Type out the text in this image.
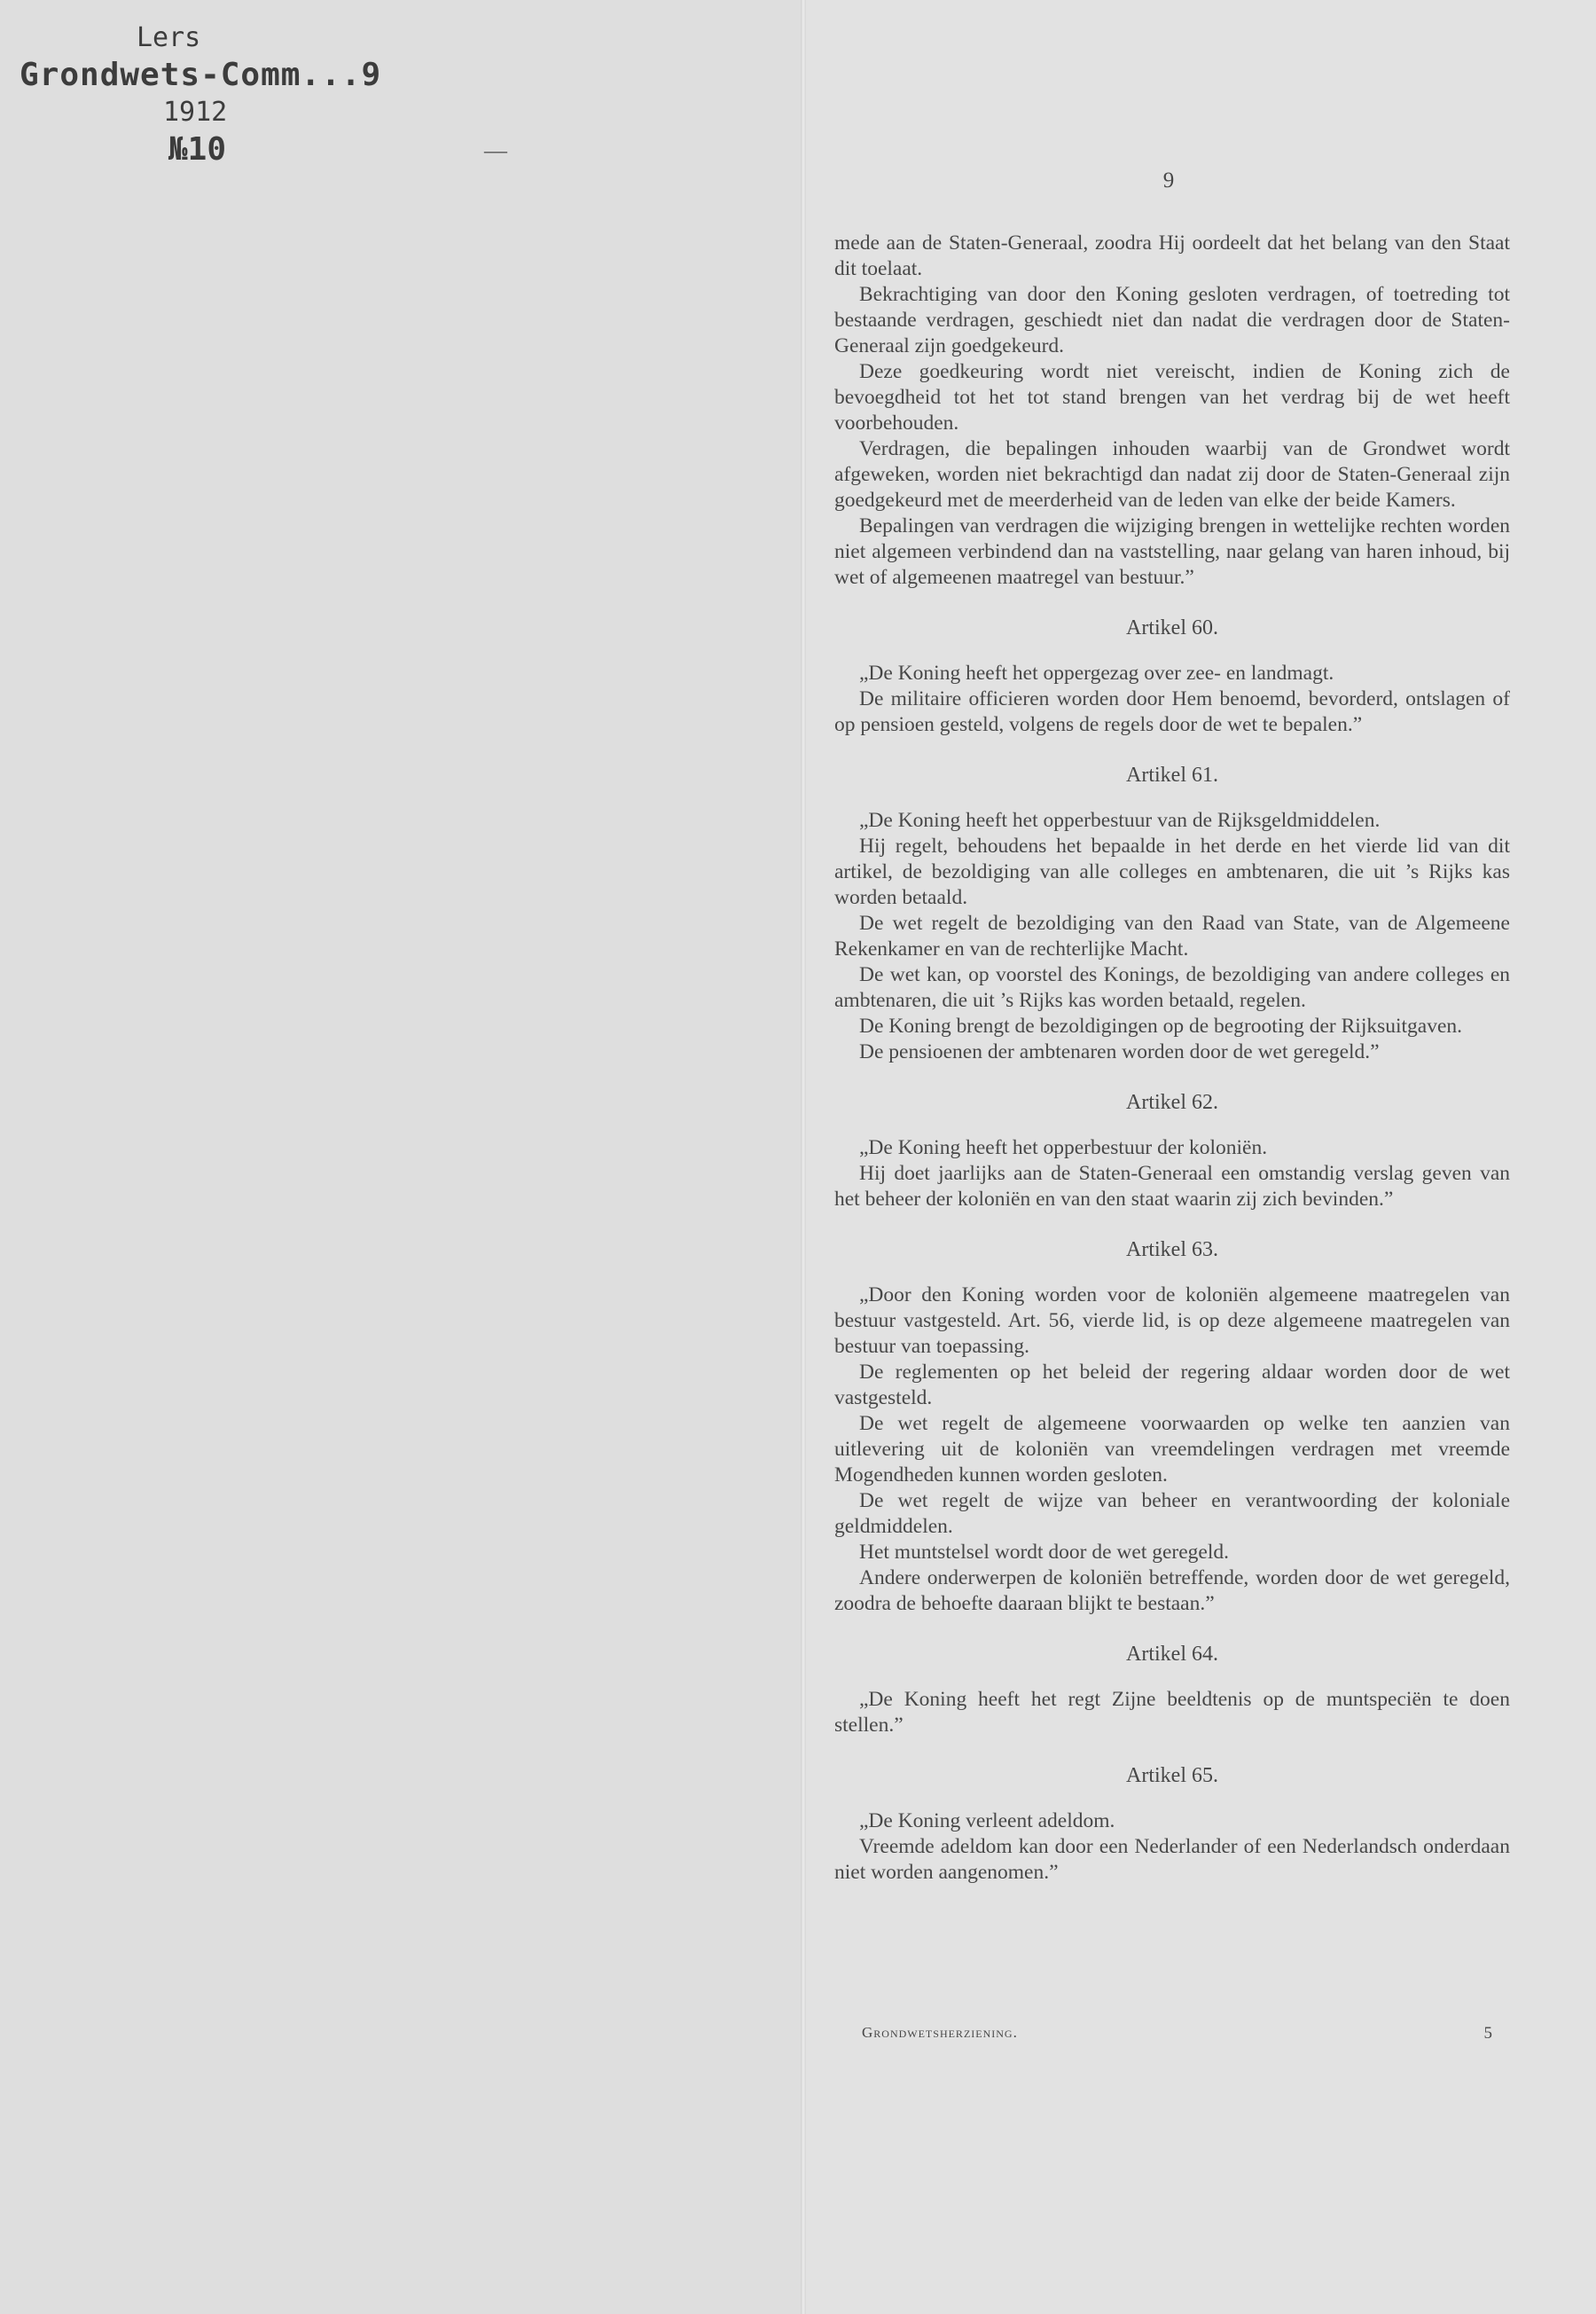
Lers
Grondwets-Comm...9
1912
№10	—
9

mede aan de Staten-Generaal, zoodra Hij oordeelt dat het belang van den Staat dit toelaat.

Bekrachtiging van door den Koning gesloten verdragen, of toetreding tot bestaande verdragen, geschiedt niet dan nadat die verdragen door de Staten-Generaal zijn goedgekeurd.

Deze goedkeuring wordt niet vereischt, indien de Koning zich de bevoegdheid tot het tot stand brengen van het verdrag bij de wet heeft voorbehouden.

Verdragen, die bepalingen inhouden waarbij van de Grondwet wordt afgeweken, worden niet bekrachtigd dan nadat zij door de Staten-Generaal zijn goedgekeurd met de meerderheid van de leden van elke der beide Kamers.

Bepalingen van verdragen die wijziging brengen in wettelijke rechten worden niet algemeen verbindend dan na vaststelling, naar gelang van haren inhoud, bij wet of algemeenen maatregel van bestuur.”

Artikel 60.

„De Koning heeft het oppergezag over zee- en landmagt.

De militaire officieren worden door Hem benoemd, bevorderd, ontslagen of op pensioen gesteld, volgens de regels door de wet te bepalen.”

Artikel 61.

„De Koning heeft het opperbestuur van de Rijksgeldmiddelen.

Hij regelt, behoudens het bepaalde in het derde en het vierde lid van dit artikel, de bezoldiging van alle colleges en ambtenaren, die uit ’s Rijks kas worden betaald.

De wet regelt de bezoldiging van den Raad van State, van de Algemeene Rekenkamer en van de rechterlijke Macht.

De wet kan, op voorstel des Konings, de bezoldiging van andere colleges en ambtenaren, die uit ’s Rijks kas worden betaald, regelen.

De Koning brengt de bezoldigingen op de begrooting der Rijksuitgaven.

De pensioenen der ambtenaren worden door de wet geregeld.”

Artikel 62.

„De Koning heeft het opperbestuur der koloniën.

Hij doet jaarlijks aan de Staten-Generaal een omstandig verslag geven van het beheer der koloniën en van den staat waarin zij zich bevinden.”

Artikel 63.

„Door den Koning worden voor de koloniën algemeene maatregelen van bestuur vastgesteld. Art. 56, vierde lid, is op deze algemeene maatregelen van bestuur van toepassing.

De reglementen op het beleid der regering aldaar worden door de wet vastgesteld.

De wet regelt de algemeene voorwaarden op welke ten aanzien van uitlevering uit de koloniën van vreemdelingen verdragen met vreemde Mogendheden kunnen worden gesloten.

De wet regelt de wijze van beheer en verantwoording der koloniale geldmiddelen.

Het muntstelsel wordt door de wet geregeld.

Andere onderwerpen de koloniën betreffende, worden door de wet geregeld, zoodra de behoefte daaraan blijkt te bestaan.”

Artikel 64.

„De Koning heeft het regt Zijne beeldtenis op de muntspeciën te doen stellen.”

Artikel 65.

„De Koning verleent adeldom.

Vreemde adeldom kan door een Nederlander of een Nederlandsch onderdaan niet worden aangenomen.”

Grondwetsherziening.	5
